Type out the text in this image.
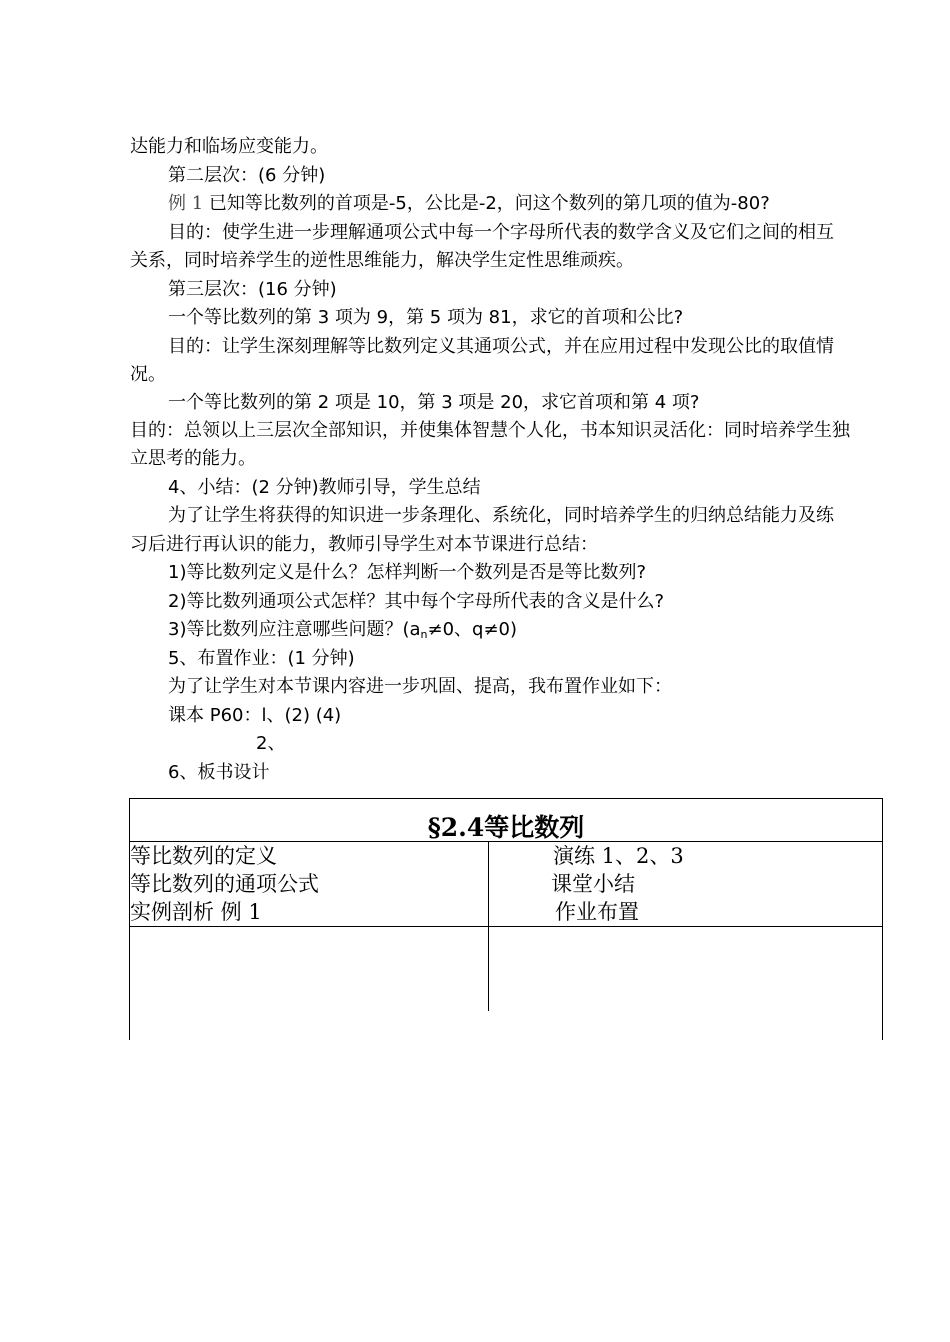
达能力和临场应变能力。
第二层次：(6 分钟)
例 1 已知等比数列的首项是-5，公比是-2，问这个数列的第几项的值为-80?
目的：使学生进一步理解通项公式中每一个字母所代表的数学含义及它们之间的相互
关系，同时培养学生的逆性思维能力，解决学生定性思维顽疾。
第三层次：(16 分钟)
一个等比数列的第 3 项为 9，第 5 项为 81，求它的首项和公比?
目的：让学生深刻理解等比数列定义其通项公式，并在应用过程中发现公比的取值情
况。
一个等比数列的第 2 项是 10，第 3 项是 20，求它首项和第 4 项?
目的：总领以上三层次全部知识，并使集体智慧个人化，书本知识灵活化：同时培养学生独
立思考的能力。
4、小结：(2 分钟)教师引导，学生总结
为了让学生将获得的知识进一步条理化、系统化，同时培养学生的归纳总结能力及练
习后进行再认识的能力，教师引导学生对本节课进行总结：
1)等比数列定义是什么？怎样判断一个数列是否是等比数列?
2)等比数列通项公式怎样？其中每个字母所代表的含义是什么?
3)等比数列应注意哪些问题？($a_n\ne 0$、q≠0)
5、布置作业：(1 分钟)
为了让学生对本节课内容进一步巩固、提高，我布置作业如下：
课本 P60：l、(2) (4)
2、
6、板书设计
§2.4等比数列
等比数列的定义
等比数列的通项公式
实例剖析 例 1
演练 1、2、3
课堂小结
作业布置
